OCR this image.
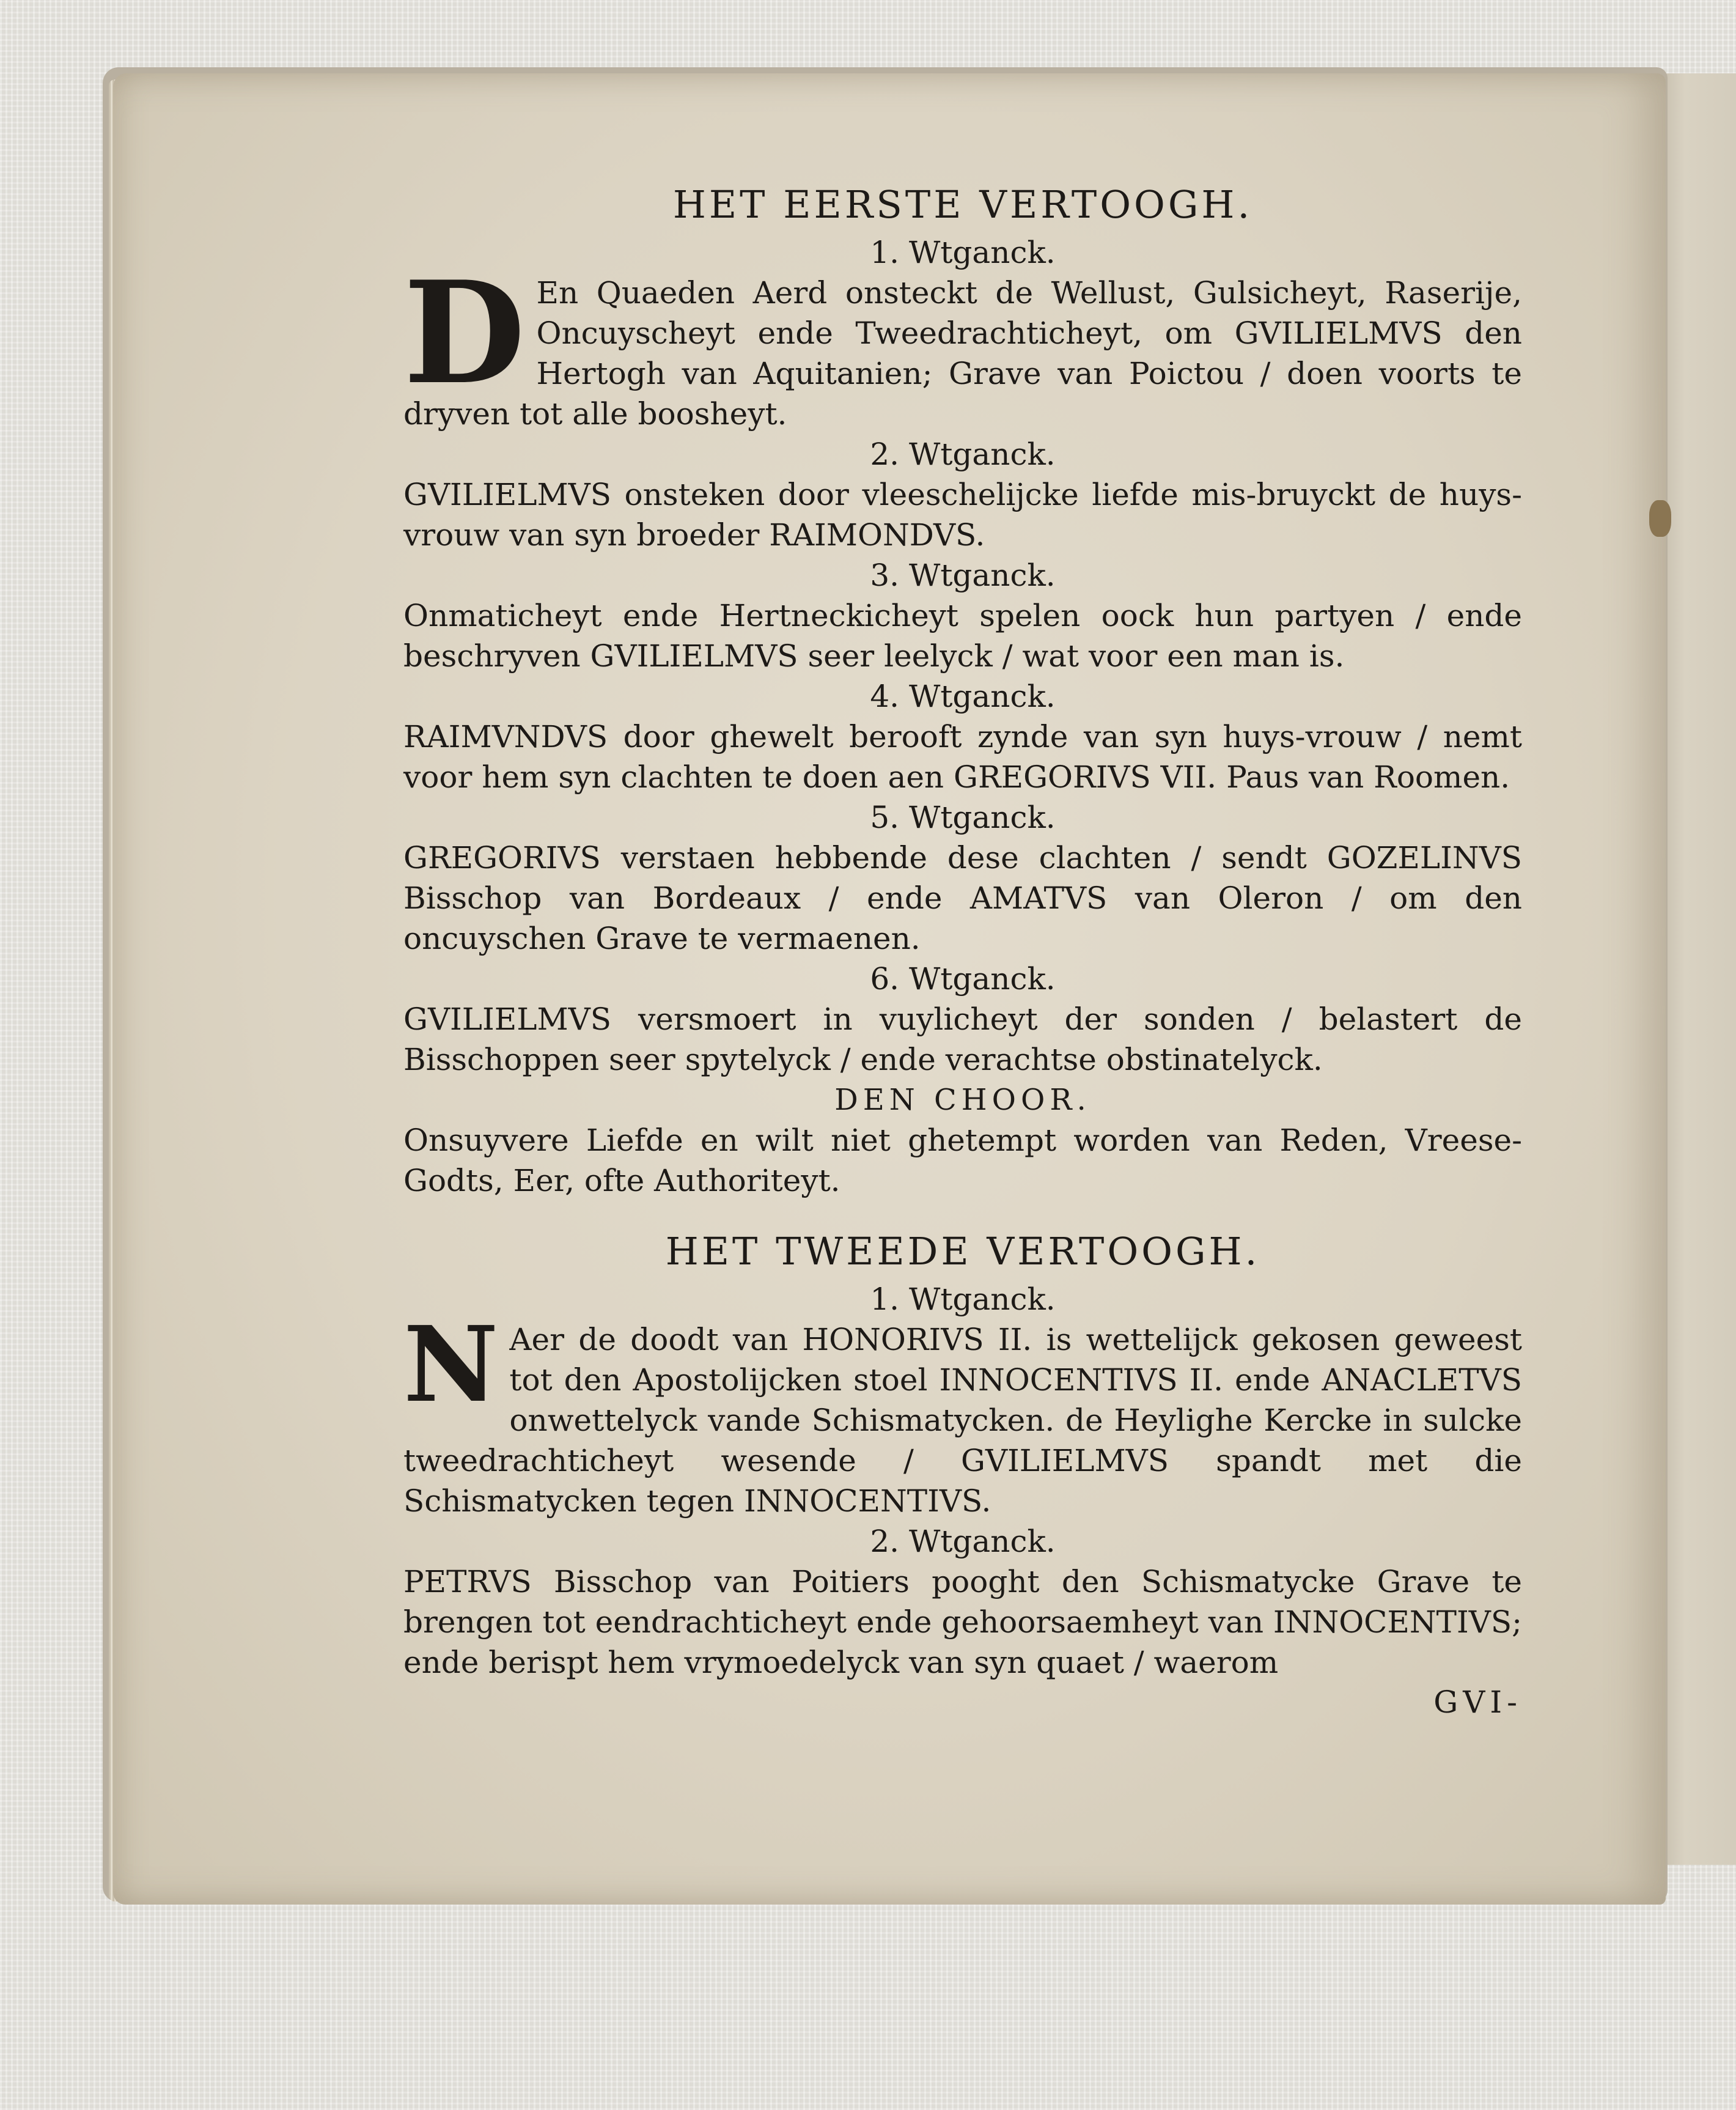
HET EERSTE VERTOOGH.

1. Wtganck.

D En Quaeden Aerd onsteckt de Wellust, Gulsicheyt, Raserije, Oncuyscheyt ende Tweedrachticheyt, om GVILIELMVS den Hertogh van Aquitanien; Grave van Poictou / doen voorts te dryven tot alle boosheyt.

2. Wtganck.

GVILIELMVS onsteken door vleeschelijcke liefde mis-bruyckt de huys-vrouw van syn broeder RAIMONDVS.

3. Wtganck.

Onmaticheyt ende Hertneckicheyt spelen oock hun partyen / ende beschryven GVILIELMVS seer leelyck / wat voor een man is.

4. Wtganck.

RAIMVNDVS door ghewelt berooft zynde van syn huys-vrouw / nemt voor hem syn clachten te doen aen GREGORIVS VII. Paus van Roomen.

5. Wtganck.

GREGORIVS verstaen hebbende dese clachten / sendt GOZELINVS Bisschop van Bordeaux / ende AMATVS van Oleron / om den oncuyschen Grave te vermaenen.

6. Wtganck.

GVILIELMVS versmoert in vuylicheyt der sonden / belastert de Bisschoppen seer spytelyck / ende verachtse obstinatelyck.

DEN CHOOR.

Onsuyvere Liefde en wilt niet ghetempt worden van Reden, Vreese-Godts, Eer, ofte Authoriteyt.

HET TWEEDE VERTOOGH.

1. Wtganck.

N Aer de doodt van HONORIVS II. is wettelijck gekosen geweest tot den Apostolijcken stoel INNOCENTIVS II. ende ANACLETVS onwettelyck vande Schismatycken. de Heylighe Kercke in sulcke tweedrachticheyt wesende / GVILIELMVS spandt met die Schismatycken tegen INNOCENTIVS.

2. Wtganck.

PETRVS Bisschop van Poitiers pooght den Schismatycke Grave te brengen tot eendrachticheyt ende gehoorsaemheyt van INNOCENTIVS; ende berispt hem vrymoedelyck van syn quaet / waerom

GVI-
